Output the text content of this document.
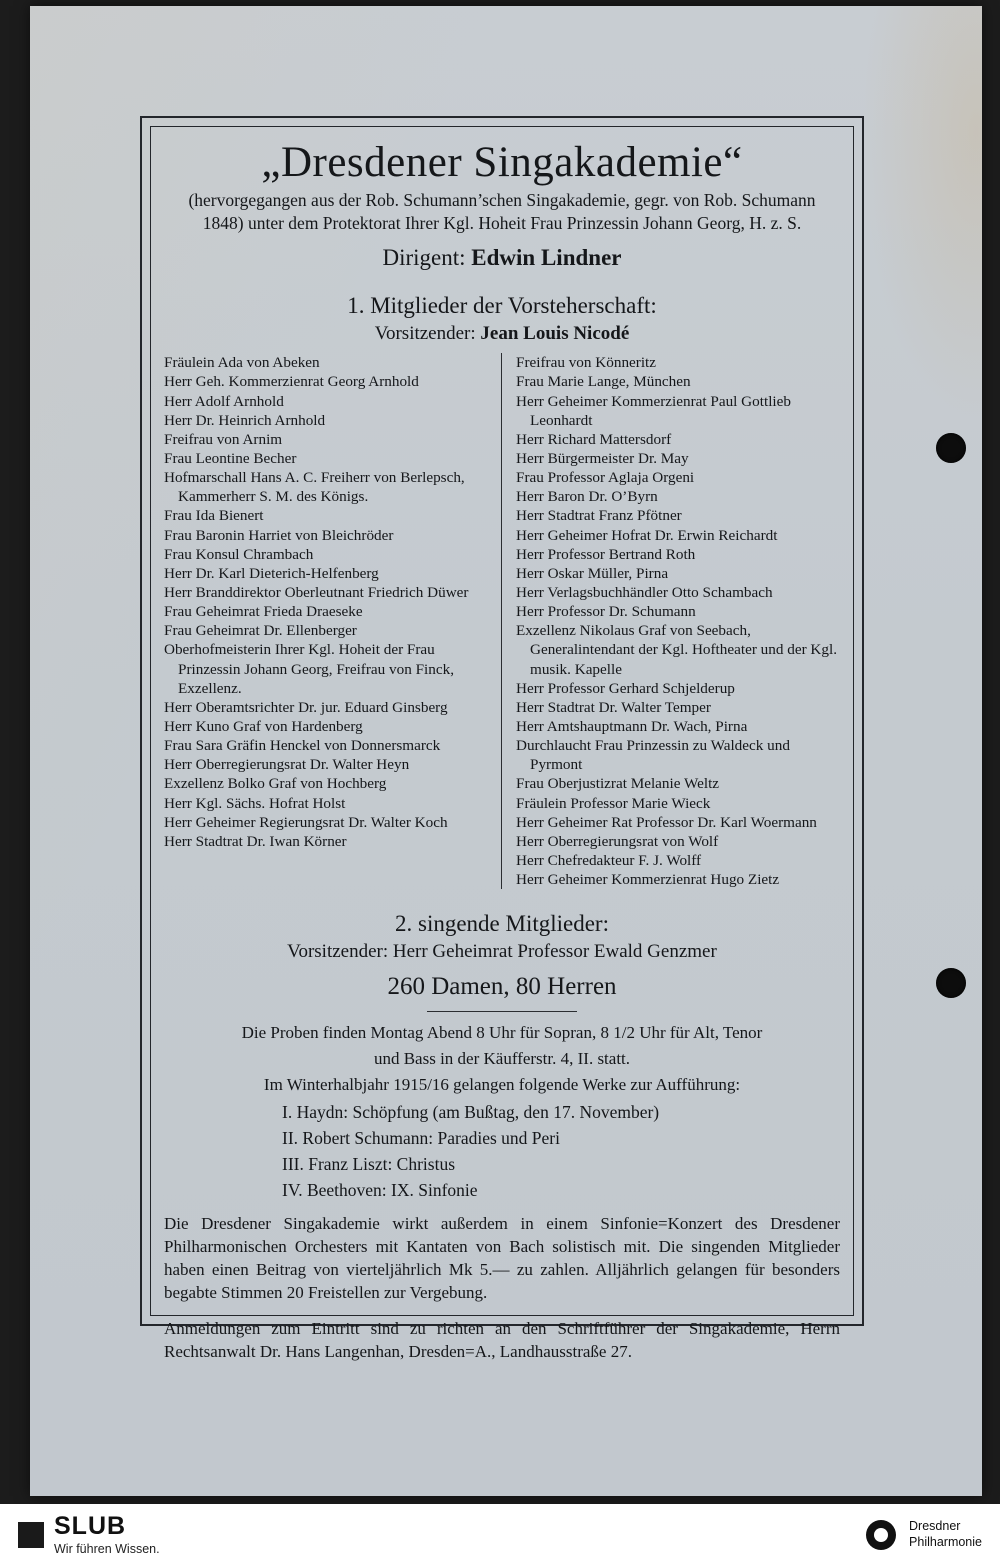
„Dresdener Singakademie“
(hervorgegangen aus der Rob. Schumann’schen Singakademie, gegr. von Rob. Schumann 1848) unter dem Protektorat Ihrer Kgl. Hoheit Frau Prinzessin Johann Georg, H. z. S.
Dirigent: Edwin Lindner
1. Mitglieder der Vorsteherschaft:
Vorsitzender: Jean Louis Nicodé

Fräulein Ada von Abeken

Herr Geh. Kommerzienrat Georg Arnhold

Herr Adolf Arnhold

Herr Dr. Heinrich Arnhold

Freifrau von Arnim

Frau Leontine Becher

Hofmarschall Hans A. C. Freiherr von Berlepsch, Kammerherr S. M. des Königs.

Frau Ida Bienert

Frau Baronin Harriet von Bleichröder

Frau Konsul Chrambach

Herr Dr. Karl Dieterich-Helfenberg

Herr Branddirektor Oberleutnant Friedrich Düwer

Frau Geheimrat Frieda Draeseke

Frau Geheimrat Dr. Ellenberger

Oberhofmeisterin Ihrer Kgl. Hoheit der Frau Prinzessin Johann Georg, Freifrau von Finck, Exzellenz.

Herr Oberamtsrichter Dr. jur. Eduard Ginsberg

Herr Kuno Graf von Hardenberg

Frau Sara Gräfin Henckel von Donnersmarck

Herr Oberregierungsrat Dr. Walter Heyn

Exzellenz Bolko Graf von Hochberg

Herr Kgl. Sächs. Hofrat Holst

Herr Geheimer Regierungsrat Dr. Walter Koch

Herr Stadtrat Dr. Iwan Körner

Freifrau von Könneritz

Frau Marie Lange, München

Herr Geheimer Kommerzienrat Paul Gottlieb Leonhardt

Herr Richard Mattersdorf

Herr Bürgermeister Dr. May

Frau Professor Aglaja Orgeni

Herr Baron Dr. O’Byrn

Herr Stadtrat Franz Pfötner

Herr Geheimer Hofrat Dr. Erwin Reichardt

Herr Professor Bertrand Roth

Herr Oskar Müller, Pirna

Herr Verlagsbuchhändler Otto Schambach

Herr Professor Dr. Schumann

Exzellenz Nikolaus Graf von Seebach, Generalintendant der Kgl. Hoftheater und der Kgl. musik. Kapelle

Herr Professor Gerhard Schjelderup

Herr Stadtrat Dr. Walter Temper

Herr Amtshauptmann Dr. Wach, Pirna

Durchlaucht Frau Prinzessin zu Waldeck und Pyrmont

Frau Oberjustizrat Melanie Weltz

Fräulein Professor Marie Wieck

Herr Geheimer Rat Professor Dr. Karl Woermann

Herr Oberregierungsrat von Wolf

Herr Chefredakteur F. J. Wolff

Herr Geheimer Kommerzienrat Hugo Zietz

2. singende Mitglieder:
Vorsitzender: Herr Geheimrat Professor Ewald Genzmer
260 Damen, 80 Herren
Die Proben finden Montag Abend 8 Uhr für Sopran, 8 1/2 Uhr für Alt, Tenor
und Bass in der Käufferstr. 4, II. statt.
Im Winterhalbjahr 1915/16 gelangen folgende Werke zur Aufführung:
I. Haydn: Schöpfung (am Bußtag, den 17. November)
II. Robert Schumann: Paradies und Peri
III. Franz Liszt: Christus
IV. Beethoven: IX. Sinfonie
Die Dresdener Singakademie wirkt außerdem in einem Sinfonie=Konzert des Dresdener Philharmonischen Orchesters mit Kantaten von Bach solistisch mit. Die singenden Mitglieder haben einen Beitrag von vierteljährlich Mk 5.— zu zahlen. Alljährlich gelangen für besonders begabte Stimmen 20 Freistellen zur Vergebung.
Anmeldungen zum Eintritt sind zu richten an den Schriftführer der Singakademie, Herrn Rechtsanwalt Dr. Hans Langenhan, Dresden=A., Landhausstraße 27.
SLUB
Wir führen Wissen.
Dresdner
Philharmonie
